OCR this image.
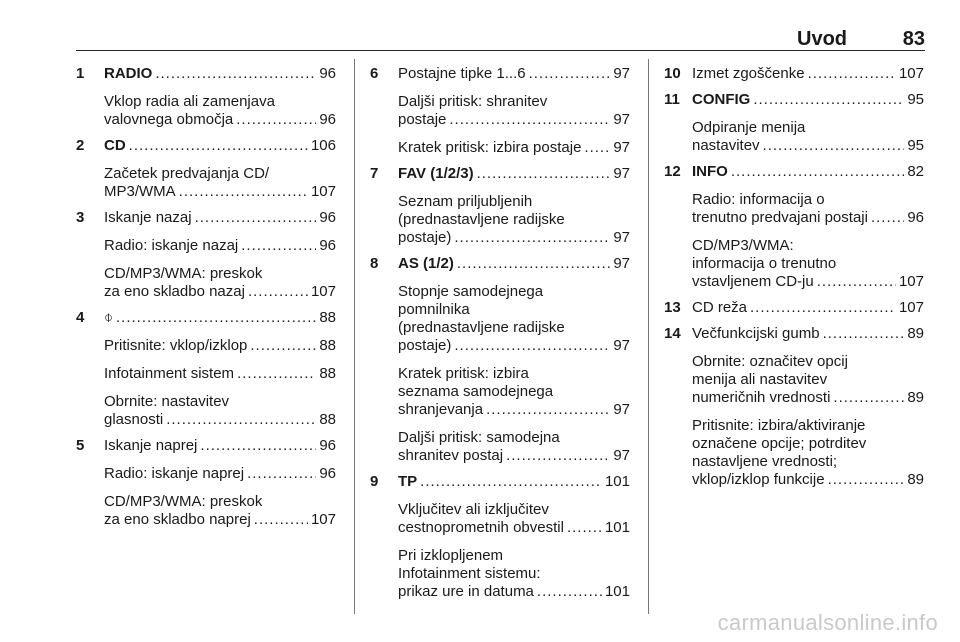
Uvod	83
1	RADIO .....	96
Vklop radia ali zamenjava
valovnega območja .....	96
2	CD .....	106
Začetek predvajanja CD/
MP3/WMA .....	107
3	Iskanje nazaj .....	96
Radio: iskanje nazaj .....	96
CD/MP3/WMA: preskok
za eno skladbo nazaj .....	107
4	⌽ .....	88
Pritisnite: vklop/izklop .....	88
Infotainment sistem .....	88
Obrnite: nastavitev
glasnosti .....	88
5	Iskanje naprej .....	96
Radio: iskanje naprej .....	96
CD/MP3/WMA: preskok
za eno skladbo naprej .....	107
6	Postajne tipke 1...6 .....	97
Daljši pritisk: shranitev
postaje .....	97
Kratek pritisk: izbira postaje ..... 97
7	FAV (1/2/3) .....	97
Seznam priljubljenih
(prednastavljene radijske
postaje) .....	97
8	AS (1/2) .....	97
Stopnje samodejnega
pomnilnika
(prednastavljene radijske
postaje) .....	97
Kratek pritisk: izbira
seznama samodejnega
shranjevanja .....	97
Daljši pritisk: samodejna
shranitev postaj .....	97
9	TP .....	101
Vključitev ali izključitev
cestnoprometnih obvestil .....	101
Pri izklopljenem
Infotainment sistemu:
prikaz ure in datuma .....	101
10 Izmet zgoščenke .....	107
11 CONFIG .....	95
Odpiranje menija
nastavitev .....	95
12 INFO .....	82
Radio: informacija o
trenutno predvajani postaji .....	96
CD/MP3/WMA:
informacija o trenutno
vstavljenem CD-ju .....	107
13 CD reža .....	107
14 Večfunkcijski gumb .....	89
Obrnite: označitev opcij
menija ali nastavitev
numeričnih vrednosti .....	89
Pritisnite: izbira/aktiviranje
označene opcije; potrditev
nastavljene vrednosti;
vklop/izklop funkcije .....	89
carmanualsonline.info
